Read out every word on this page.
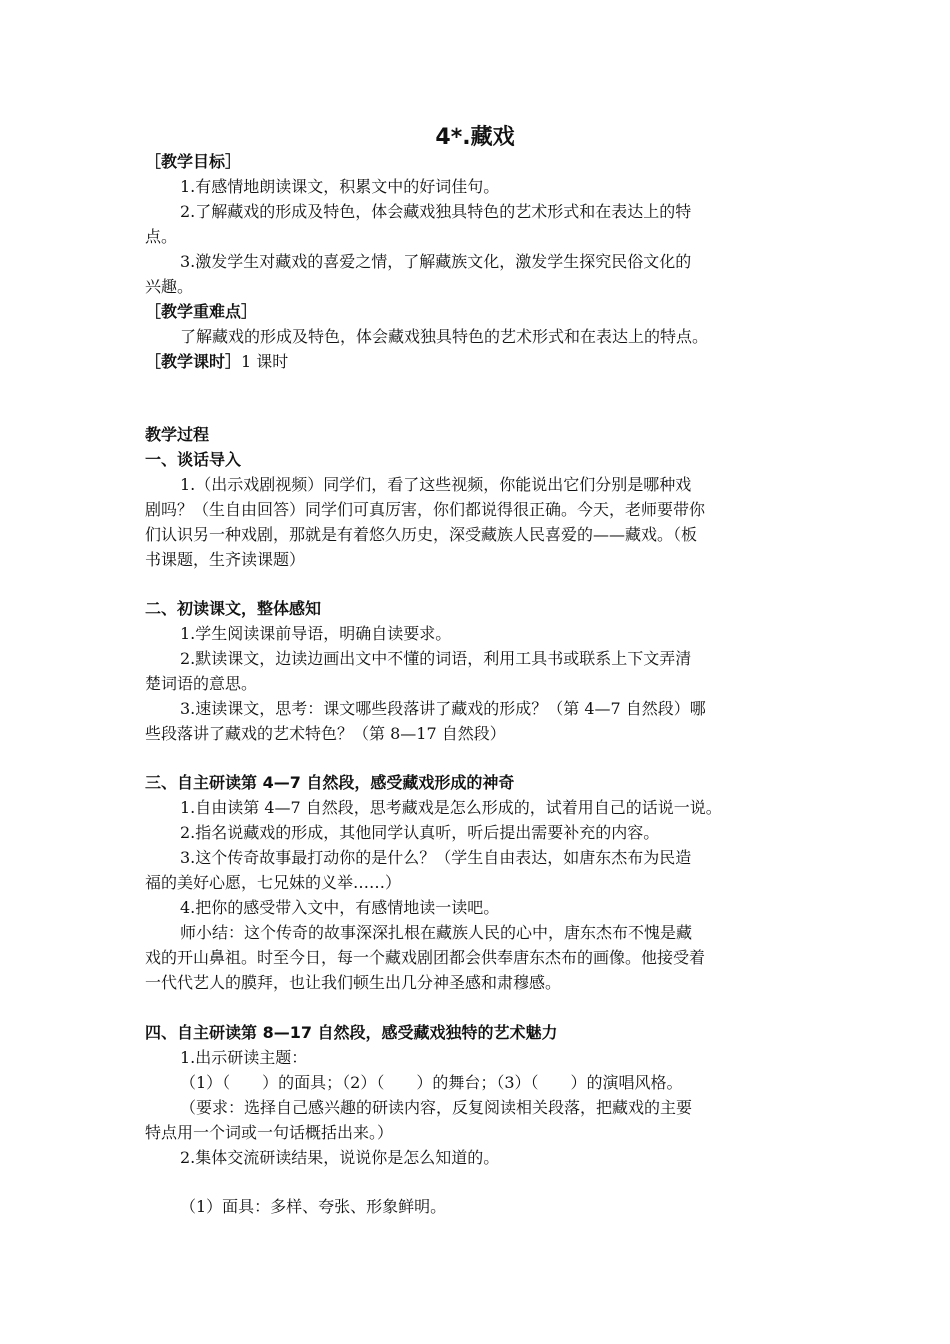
4*.藏戏
［教学目标］
1.有感情地朗读课文，积累文中的好词佳句。
2.了解藏戏的形成及特色，体会藏戏独具特色的艺术形式和在表达上的特
点。
3.激发学生对藏戏的喜爱之情，了解藏族文化，激发学生探究民俗文化的
兴趣。
［教学重难点］
了解藏戏的形成及特色，体会藏戏独具特色的艺术形式和在表达上的特点。
［教学课时］1 课时
教学过程
一、谈话导入
1.（出示戏剧视频）同学们，看了这些视频，你能说出它们分别是哪种戏
剧吗？（生自由回答）同学们可真厉害，你们都说得很正确。今天，老师要带你
们认识另一种戏剧，那就是有着悠久历史，深受藏族人民喜爱的——藏戏。（板
书课题，生齐读课题）
二、初读课文，整体感知
1.学生阅读课前导语，明确自读要求。
2.默读课文，边读边画出文中不懂的词语，利用工具书或联系上下文弄清
楚词语的意思。
3.速读课文，思考：课文哪些段落讲了藏戏的形成？（第 4—7 自然段）哪
些段落讲了藏戏的艺术特色？（第 8—17 自然段）
三、自主研读第 4—7 自然段，感受藏戏形成的神奇
1.自由读第 4—7 自然段，思考藏戏是怎么形成的，试着用自己的话说一说。
2.指名说藏戏的形成，其他同学认真听，听后提出需要补充的内容。
3.这个传奇故事最打动你的是什么？（学生自由表达，如唐东杰布为民造
福的美好心愿，七兄妹的义举……）
4.把你的感受带入文中，有感情地读一读吧。
师小结：这个传奇的故事深深扎根在藏族人民的心中，唐东杰布不愧是藏
戏的开山鼻祖。时至今日，每一个藏戏剧团都会供奉唐东杰布的画像。他接受着
一代代艺人的膜拜，也让我们顿生出几分神圣感和肃穆感。
四、自主研读第 8—17 自然段，感受藏戏独特的艺术魅力
1.出示研读主题：
（1）（　　）的面具；（2）（　　）的舞台；（3）（　　）的演唱风格。
（要求：选择自己感兴趣的研读内容，反复阅读相关段落，把藏戏的主要
特点用一个词或一句话概括出来。）
2.集体交流研读结果，说说你是怎么知道的。
（1）面具：多样、夸张、形象鲜明。
